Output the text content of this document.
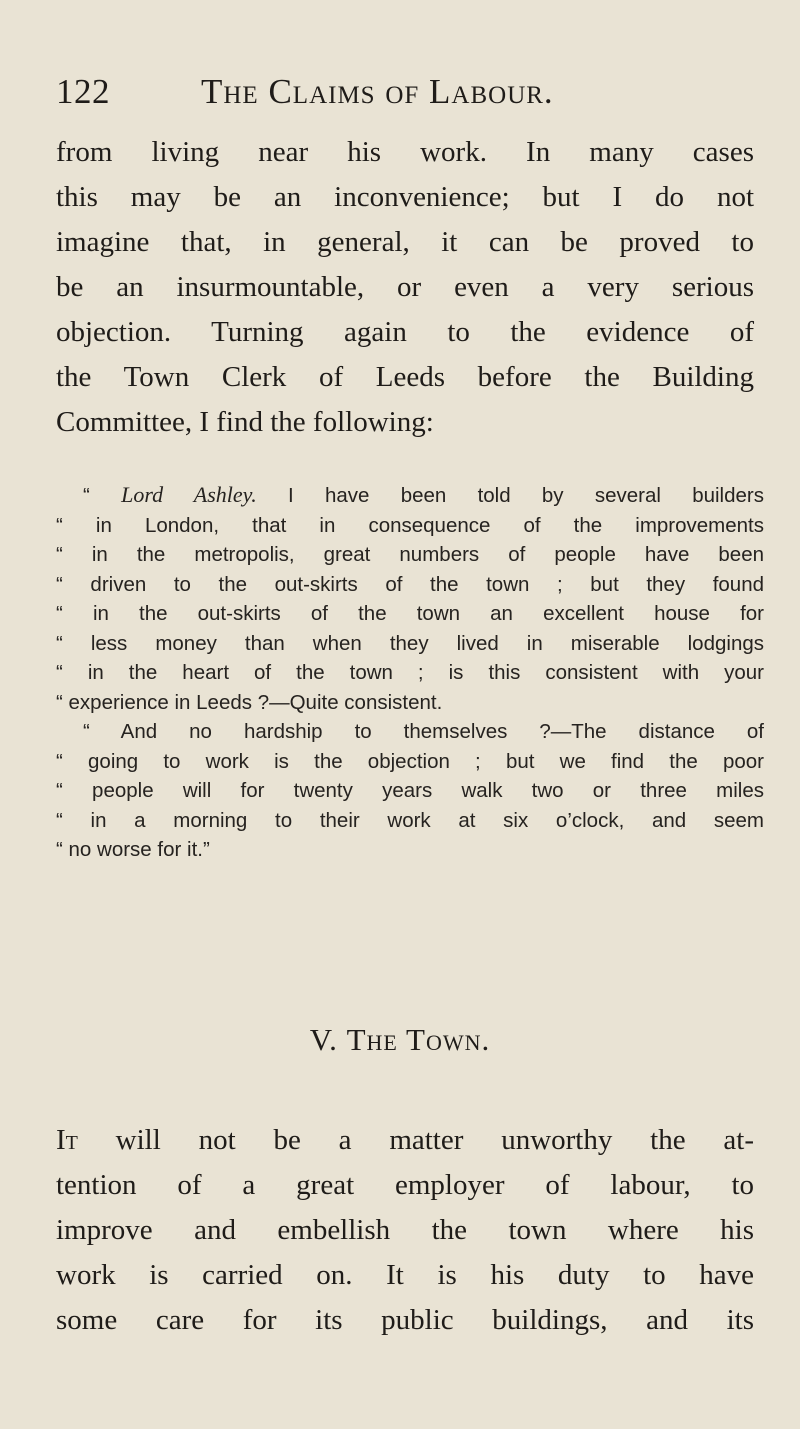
122	The Claims of Labour.

from living near his work. In many cases

this may be an inconvenience; but I do not

imagine that, in general, it can be proved to

be an insurmountable, or even a very serious

objection. Turning again to the evidence of

the Town Clerk of Leeds before the Building

Committee, I find the following:

“ Lord Ashley. I have been told by several builders
“ in London, that in consequence of the improvements
“ in the metropolis, great numbers of people have been
“ driven to the out-skirts of the town ; but they found
“ in the out-skirts of the town an excellent house for
“ less money than when they lived in miserable lodgings
“ in the heart of the town ; is this consistent with your
“ experience in Leeds ?—Quite consistent.
“ And no hardship to themselves ?—The distance of
“ going to work is the objection ; but we find the poor
“ people will for twenty years walk two or three miles
“ in a morning to their work at six o’clock, and seem
“ no worse for it.”
V. The Town.

It will not be a matter unworthy the at-

tention of a great employer of labour, to

improve and embellish the town where his

work is carried on. It is his duty to have

some care for its public buildings, and its
